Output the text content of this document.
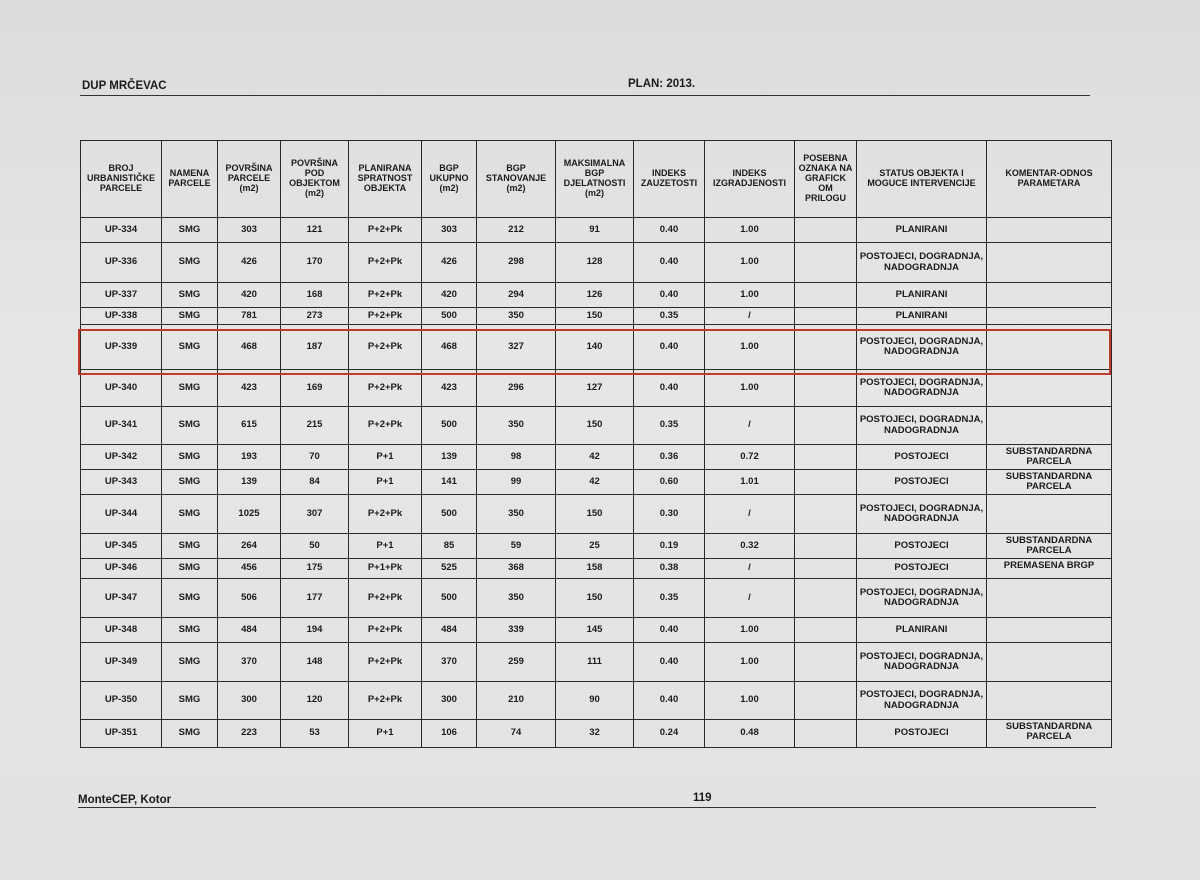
DUP MRČEVAC	PLAN: 2013.
BROJ URBANISTIČKE PARCELE	NAMENA PARCELE	POVRŠINA PARCELE (m2)	POVRŠINA POD OBJEKTOM (m2)	PLANIRANA SPRATNOST OBJEKTA	BGP UKUPNO (m2)	BGP STANOVANJE (m2)	MAKSIMALNA BGP DJELATNOSTI (m2)	INDEKS ZAUZETOSTI	INDEKS IZGRADJENOSTI	POSEBNA OZNAKA NA GRAFICK OM PRILOGU	STATUS OBJEKTA I MOGUCE INTERVENCIJE	KOMENTAR-ODNOS PARAMETARA
UP-334	SMG	303	121	P+2+Pk	303	212	91	0.40	1.00		PLANIRANI	
UP-336	SMG	426	170	P+2+Pk	426	298	128	0.40	1.00		POSTOJECI, DOGRADNJA, NADOGRADNJA	
UP-337	SMG	420	168	P+2+Pk	420	294	126	0.40	1.00		PLANIRANI	
UP-338	SMG	781	273	P+2+Pk	500	350	150	0.35	/		PLANIRANI	
UP-339	SMG	468	187	P+2+Pk	468	327	140	0.40	1.00		POSTOJECI, DOGRADNJA, NADOGRADNJA	
UP-340	SMG	423	169	P+2+Pk	423	296	127	0.40	1.00		POSTOJECI, DOGRADNJA, NADOGRADNJA	
UP-341	SMG	615	215	P+2+Pk	500	350	150	0.35	/		POSTOJECI, DOGRADNJA, NADOGRADNJA	
UP-342	SMG	193	70	P+1	139	98	42	0.36	0.72		POSTOJECI	SUBSTANDARDNA PARCELA
UP-343	SMG	139	84	P+1	141	99	42	0.60	1.01		POSTOJECI	SUBSTANDARDNA PARCELA
UP-344	SMG	1025	307	P+2+Pk	500	350	150	0.30	/		POSTOJECI, DOGRADNJA, NADOGRADNJA	
UP-345	SMG	264	50	P+1	85	59	25	0.19	0.32		POSTOJECI	SUBSTANDARDNA PARCELA
UP-346	SMG	456	175	P+1+Pk	525	368	158	0.38	/		POSTOJECI	PREMASENA BRGP
UP-347	SMG	506	177	P+2+Pk	500	350	150	0.35	/		POSTOJECI, DOGRADNJA, NADOGRADNJA	
UP-348	SMG	484	194	P+2+Pk	484	339	145	0.40	1.00		PLANIRANI	
UP-349	SMG	370	148	P+2+Pk	370	259	111	0.40	1.00		POSTOJECI, DOGRADNJA, NADOGRADNJA	
UP-350	SMG	300	120	P+2+Pk	300	210	90	0.40	1.00		POSTOJECI, DOGRADNJA, NADOGRADNJA	
UP-351	SMG	223	53	P+1	106	74	32	0.24	0.48		POSTOJECI	SUBSTANDARDNA PARCELA
MonteCEP, Kotor	119
